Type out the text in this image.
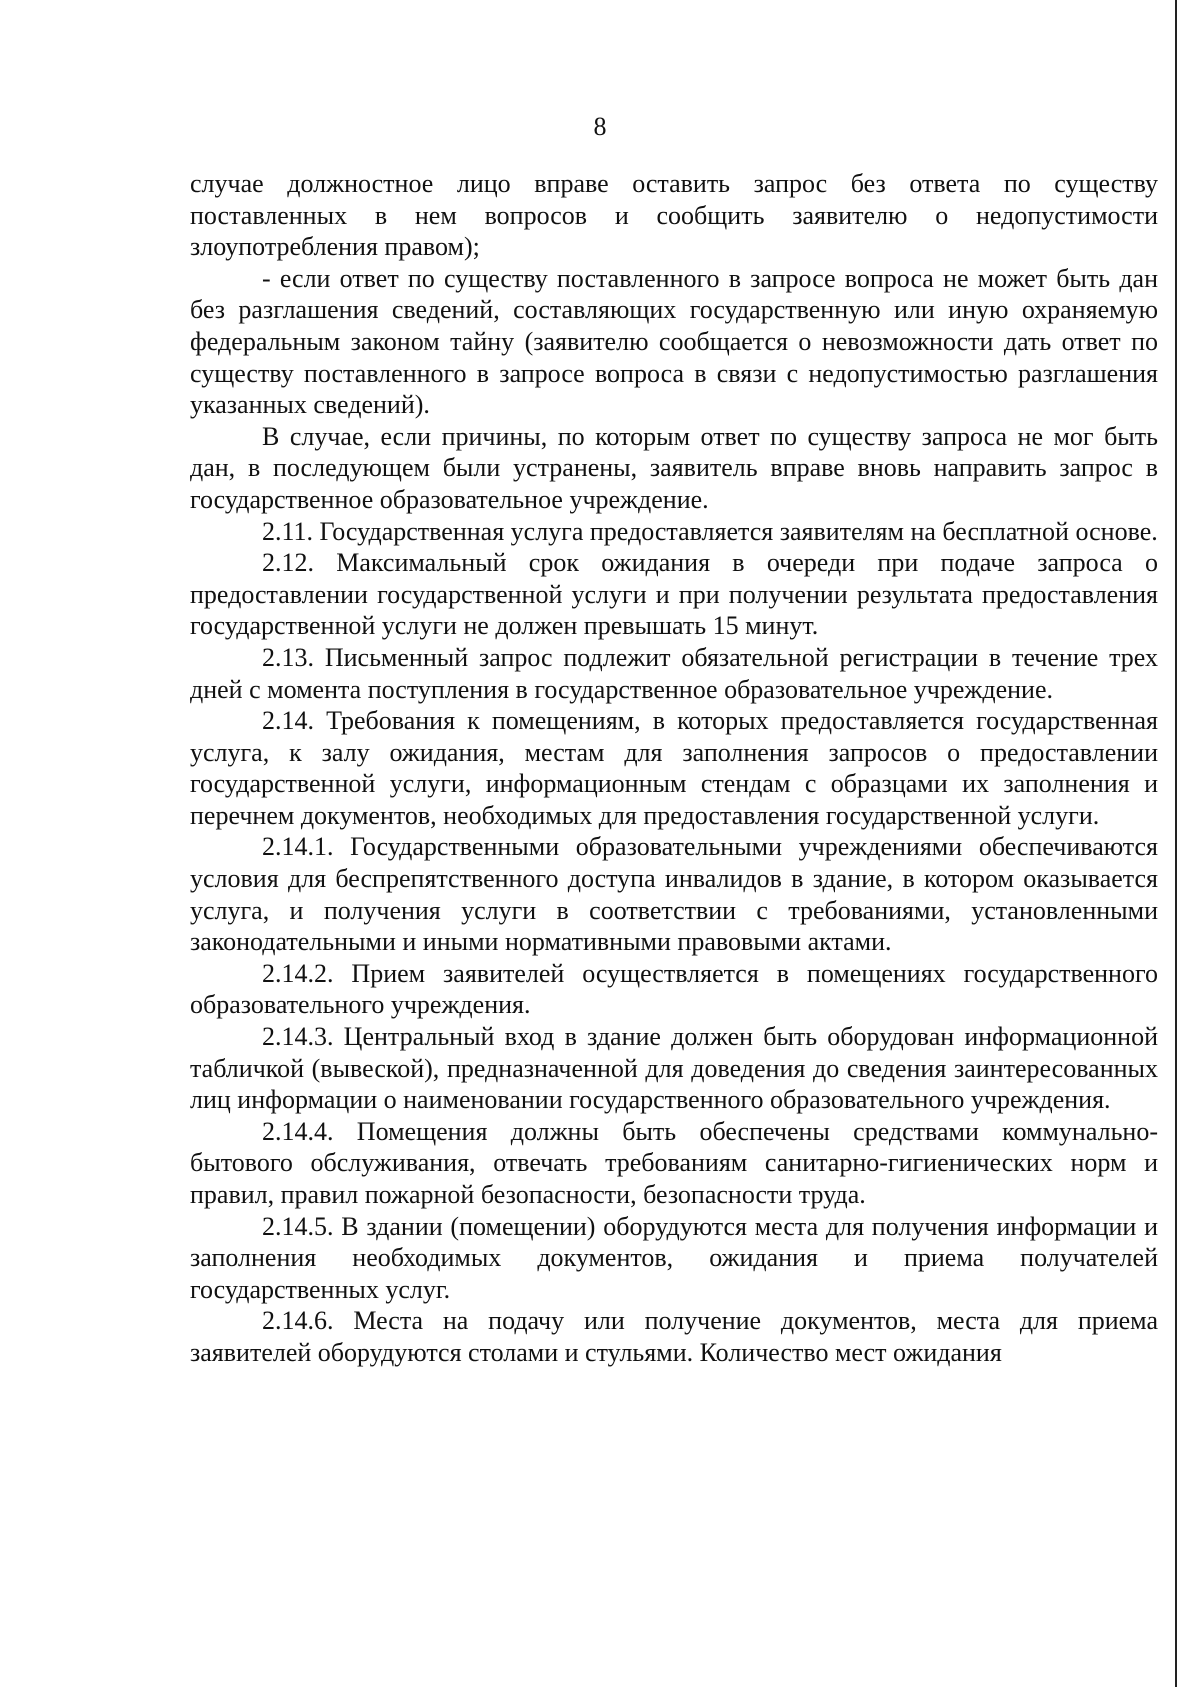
8

случае должностное лицо вправе оставить запрос без ответа по существу поставленных в нем вопросов и сообщить заявителю о недопустимости злоупотребления правом);

- если ответ по существу поставленного в запросе вопроса не может быть дан без разглашения сведений, составляющих государственную или иную охраняемую федеральным законом тайну (заявителю сообщается о невозможности дать ответ по существу поставленного в запросе вопроса в связи с недопустимостью разглашения указанных сведений).

В случае, если причины, по которым ответ по существу запроса не мог быть дан, в последующем были устранены, заявитель вправе вновь направить запрос в государственное образовательное учреждение.

2.11. Государственная услуга предоставляется заявителям на бесплатной основе.

2.12. Максимальный срок ожидания в очереди при подаче запроса о предоставлении государственной услуги и при получении результата предоставления государственной услуги не должен превышать 15 минут.

2.13. Письменный запрос подлежит обязательной регистрации в течение трех дней с момента поступления в государственное образовательное учреждение.

2.14. Требования к помещениям, в которых предоставляется государственная услуга, к залу ожидания, местам для заполнения запросов о предоставлении государственной услуги, информационным стендам с образцами их заполнения и перечнем документов, необходимых для предоставления государственной услуги.

2.14.1. Государственными образовательными учреждениями обеспечиваются условия для беспрепятственного доступа инвалидов в здание, в котором оказывается услуга, и получения услуги в соответствии с требованиями, установленными законодательными и иными нормативными правовыми актами.

2.14.2. Прием заявителей осуществляется в помещениях государственного образовательного учреждения.

2.14.3. Центральный вход в здание должен быть оборудован информационной табличкой (вывеской), предназначенной для доведения до сведения заинтересованных лиц информации о наименовании государственного образовательного учреждения.

2.14.4. Помещения должны быть обеспечены средствами коммунально-бытового обслуживания, отвечать требованиям санитарно-гигиенических норм и правил, правил пожарной безопасности, безопасности труда.

2.14.5. В здании (помещении) оборудуются места для получения информации и заполнения необходимых документов, ожидания и приема получателей государственных услуг.

2.14.6. Места на подачу или получение документов, места для приема заявителей оборудуются столами и стульями. Количество мест ожидания
